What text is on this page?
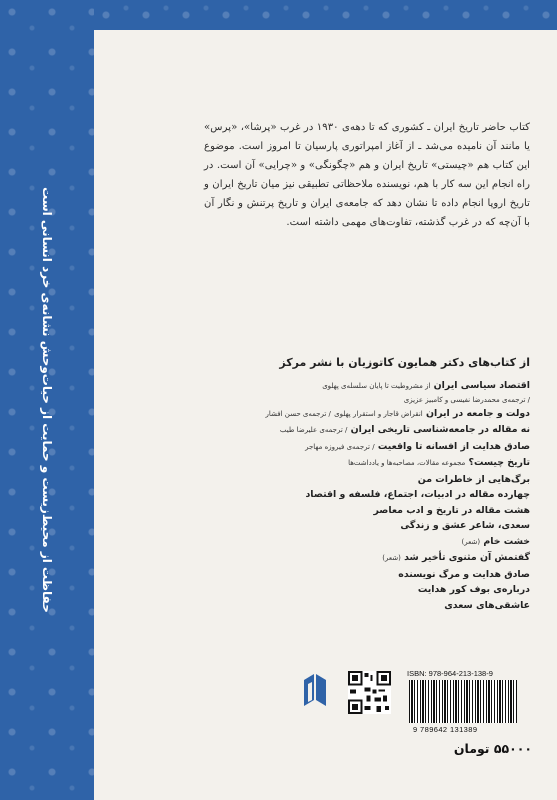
حفاظت از محیط‌زیست و حمایت از حیات‌وحش نشانه‌ی خرد انسانی است

کتاب حاضر تاریخ ایران ـ کشوری که تا دهه‌ی ۱۹۳۰ در غرب «پرشا»، «پرس» یا مانند آن نامیده می‌شد ـ از آغاز امپراتوری پارسیان تا امروز است. موضوع این کتاب هم «چیستی» تاریخ ایران و هم «چگونگی» و «چرایی» آن است. در راه انجام این سه کار با هم، نویسنده ملاحظاتی تطبیقی نیز میان تاریخ ایران و تاریخ اروپا انجام داده تا نشان دهد که جامعه‌ی ایران و تاریخ پرتنش و نگار آن با آن‌چه که در غرب گذشته، تفاوت‌های مهمی داشته است.

از کتاب‌های دکتر همایون کاتوزیان با نشر مرکز
اقتصاد سیاسی ایران از مشروطیت تا پایان سلسله‌ی پهلوی
/ ترجمه‌ی محمدرضا نفیسی و کامبیز عزیزی
دولت و جامعه در ایران انقراض قاجار و استقرار پهلوی / ترجمه‌ی حسن افشار
نه مقاله در جامعه‌شناسی تاریخی ایران / ترجمه‌ی علیرضا طیب
صادق هدایت از افسانه تا واقعیت / ترجمه‌ی فیروزه مهاجر
تاریخ چیست؟ مجموعه مقالات، مصاحبه‌ها و یادداشت‌ها
برگ‌هایی از خاطرات من
چهارده مقاله در ادبیات، اجتماع، فلسفه و اقتصاد
هشت مقاله در تاریخ و ادب معاصر
سعدی، شاعر عشق و زندگی
خشت خام (شعر)
گفتمش آن مثنوی تأخیر شد (شعر)
صادق هدایت و مرگ نویسنده
درباره‌ی بوف کور هدایت
عاشقی‌های سعدی
ISBN: 978-964-213-138-9
9 789642 131389
۵۵۰۰۰ تومان
